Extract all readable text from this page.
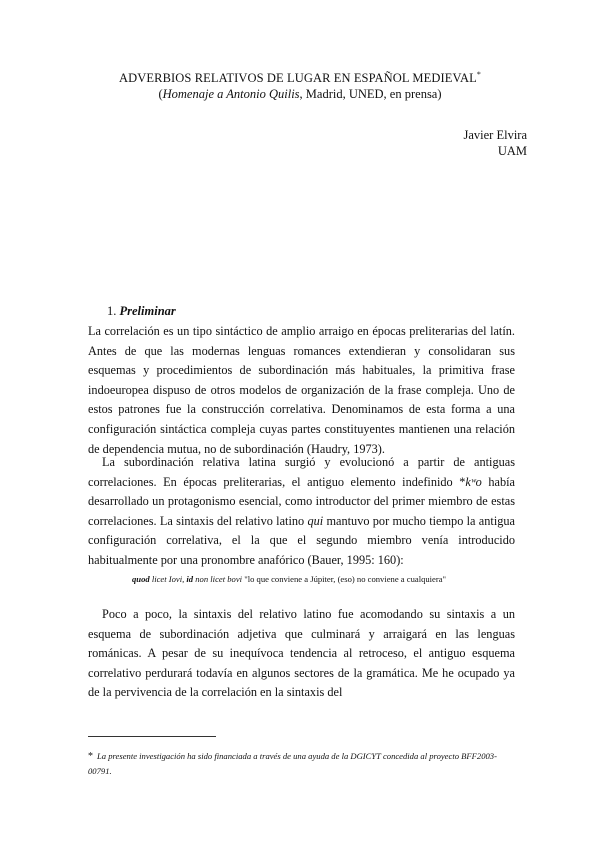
ADVERBIOS RELATIVOS DE LUGAR EN ESPAÑOL MEDIEVAL*
(Homenaje a Antonio Quilis, Madrid, UNED, en prensa)
Javier Elvira
UAM
1. Preliminar

La correlación es un tipo sintáctico de amplio arraigo en épocas preliterarias del latín. Antes de que las modernas lenguas romances extendieran y consolidaran sus esquemas y procedimientos de subordinación más habituales, la primitiva frase indoeuropea dispuso de otros modelos de organización de la frase compleja. Uno de estos patrones fue la construcción correlativa. Denominamos de esta forma a una configuración sintáctica compleja cuyas partes constituyentes mantienen una relación de dependencia mutua, no de subordinación (Haudry, 1973).

La subordinación relativa latina surgió y evolucionó a partir de antiguas correlaciones. En épocas preliterarias, el antiguo elemento indefinido *kʷo había desarrollado un protagonismo esencial, como introductor del primer miembro de estas correlaciones. La sintaxis del relativo latino qui mantuvo por mucho tiempo la antigua configuración correlativa, el la que el segundo miembro venía introducido habitualmente por una pronombre anafórico (Bauer, 1995: 160):

quod licet Iovi, id non licet bovi "lo que conviene a Júpiter, (eso) no conviene a cualquiera"

Poco a poco, la sintaxis del relativo latino fue acomodando su sintaxis a un esquema de subordinación adjetiva que culminará y arraigará en las lenguas románicas. A pesar de su inequívoca tendencia al retroceso, el antiguo esquema correlativo perdurará todavía en algunos sectores de la gramática. Me he ocupado ya de la pervivencia de la correlación en la sintaxis del

* La presente investigación ha sido financiada a través de una ayuda de la DGICYT concedida al proyecto BFF2003-00791.
